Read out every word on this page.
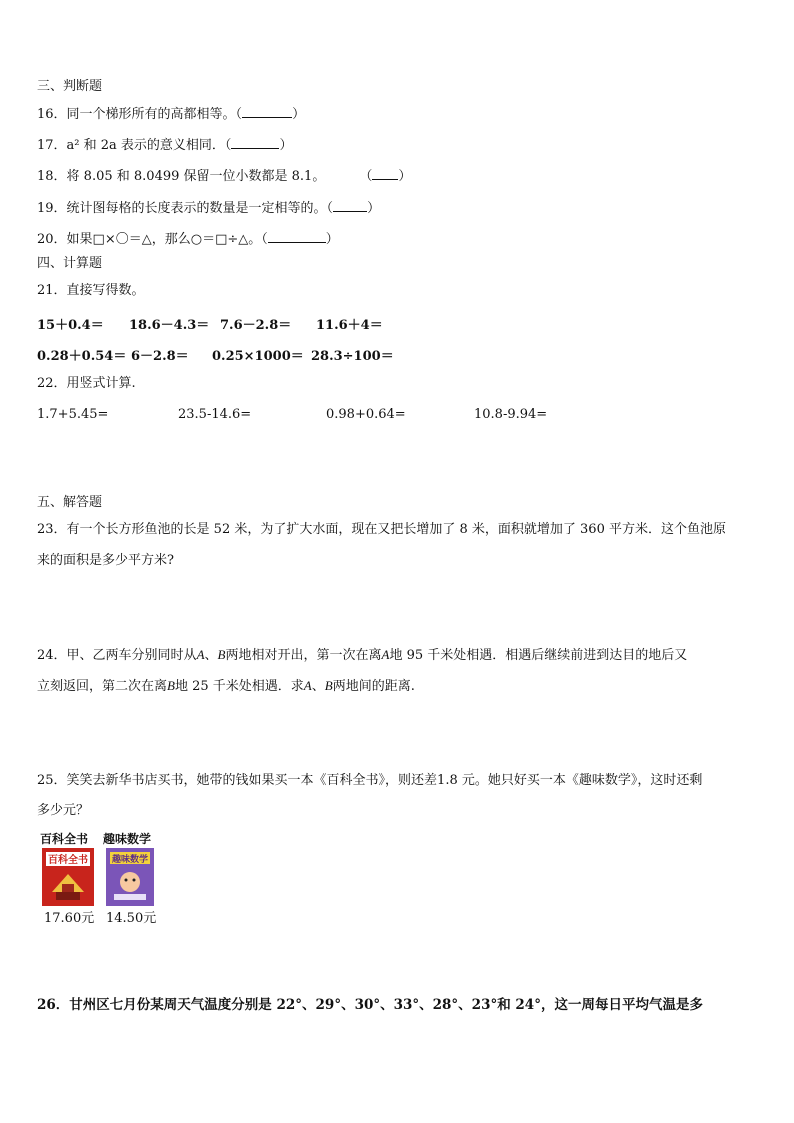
三、判断题
16．同一个梯形所有的高都相等。（	）
17．a² 和 2a 表示的意义相同．（	）
18．将 8.05 和 8.0499 保留一位小数都是 8.1。	（ ）
19．统计图每格的长度表示的数量是一定相等的。（	）
20．如果□×〇＝△，那么○＝□÷△。（	）
四、计算题
21．直接写得数。
15＋0.4＝ 18.6－4.3＝ 7.6－2.8＝ 11.6＋4＝
0.28＋0.54＝ 6－2.8＝ 0.25×1000＝ 28.3÷100＝
22．用竖式计算.
1.7+5.45=	23.5-14.6=	0.98+0.64=	10.8-9.94=
五、解答题
23．有一个长方形鱼池的长是 52 米，为了扩大水面，现在又把长增加了 8 米，面积就增加了 360 平方米．这个鱼池原
来的面积是多少平方米?
24．甲、乙两车分别同时从A、B两地相对开出，第一次在离A地 95 千米处相遇．相遇后继续前进到达目的地后又
立刻返回，第二次在离B地 25 千米处相遇．求A、B两地间的距离.
25．笑笑去新华书店买书，她带的钱如果买一本《百科全书》，则还差1.8 元。她只好买一本《趣味数学》，这时还剩
多少元？
百科全书
百科全书
17.60元
趣味数学
趣味数学
14.50元
26．甘州区七月份某周天气温度分别是 22°、29°、30°、33°、28°、23°和 24°，这一周每日平均气温是多
